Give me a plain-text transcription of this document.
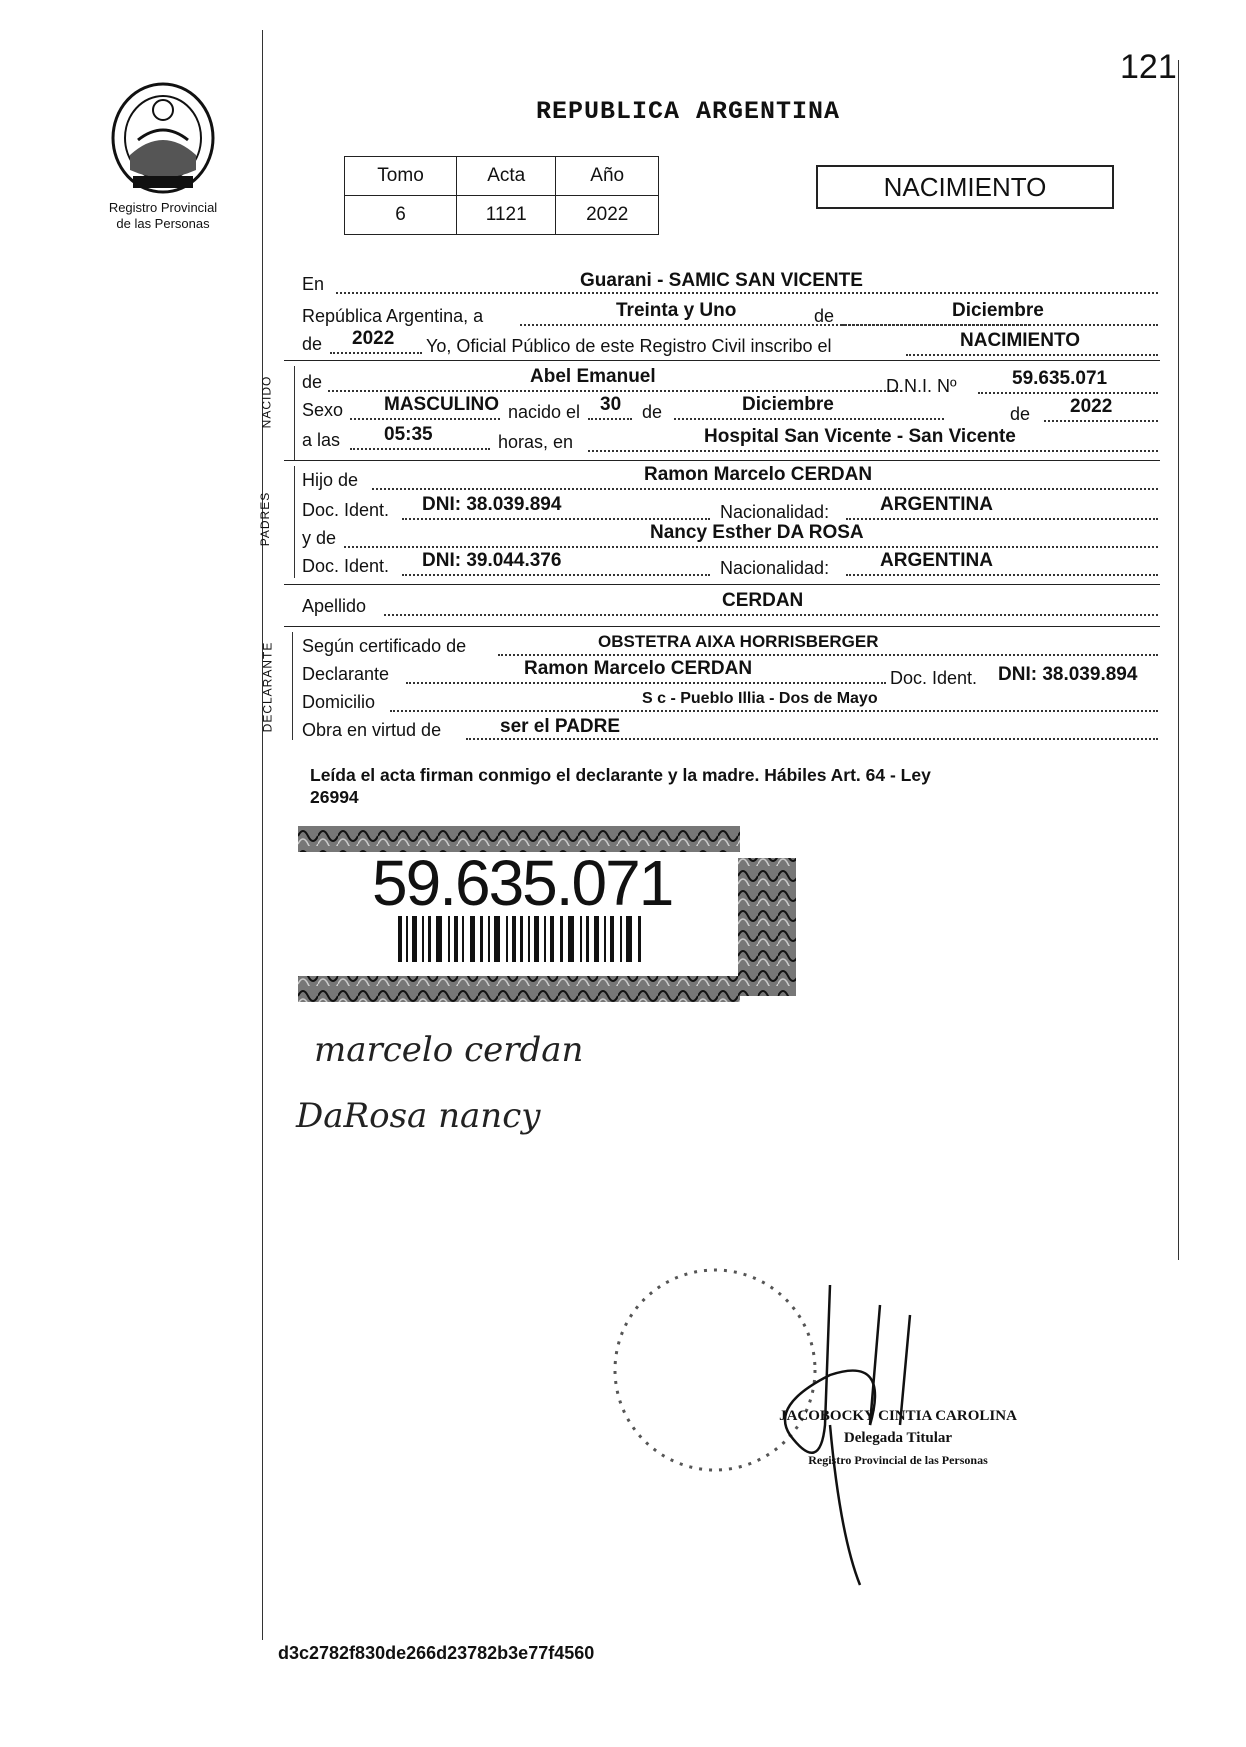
121
Registro Provincial
de las Personas
REPUBLICA ARGENTINA
Tomo	Acta	Año
6	1121	2022
NACIMIENTO
En	Guarani - SAMIC SAN VICENTE
República Argentina, a	Treinta y Uno	de	Diciembre
de 2022 Yo, Oficial Público de este Registro Civil inscribo el	NACIMIENTO
NACIDO de	Abel Emanuel	D.N.I. Nº	59.635.071
Sexo MASCULINO nacido el 30 de	Diciembre	de 2022
a las 05:35	horas, en	Hospital San Vicente - San Vicente
PADRES
Hijo de	Ramon Marcelo CERDAN
Doc. Ident. DNI: 38.039.894	Nacionalidad:	ARGENTINA
y de	Nancy Esther DA ROSA
Doc. Ident. DNI: 39.044.376	Nacionalidad:	ARGENTINA
Apellido	CERDAN
DECLARANTE Según certificado de	OBSTETRA AIXA HORRISBERGER
Declarante	Ramon Marcelo CERDAN	Doc. Ident. DNI: 38.039.894
Domicilio	S c - Pueblo Illia - Dos de Mayo
Obra en virtud de	ser el PADRE
Leída el acta firman conmigo el declarante y la madre. Hábiles Art. 64 - Ley
26994
59.635.071
marcelo cerdan
DaRosa nancy
JACOBOCKY CINTIA CAROLINA
Delegada Titular
Registro Provincial de las Personas
d3c2782f830de266d23782b3e77f4560
